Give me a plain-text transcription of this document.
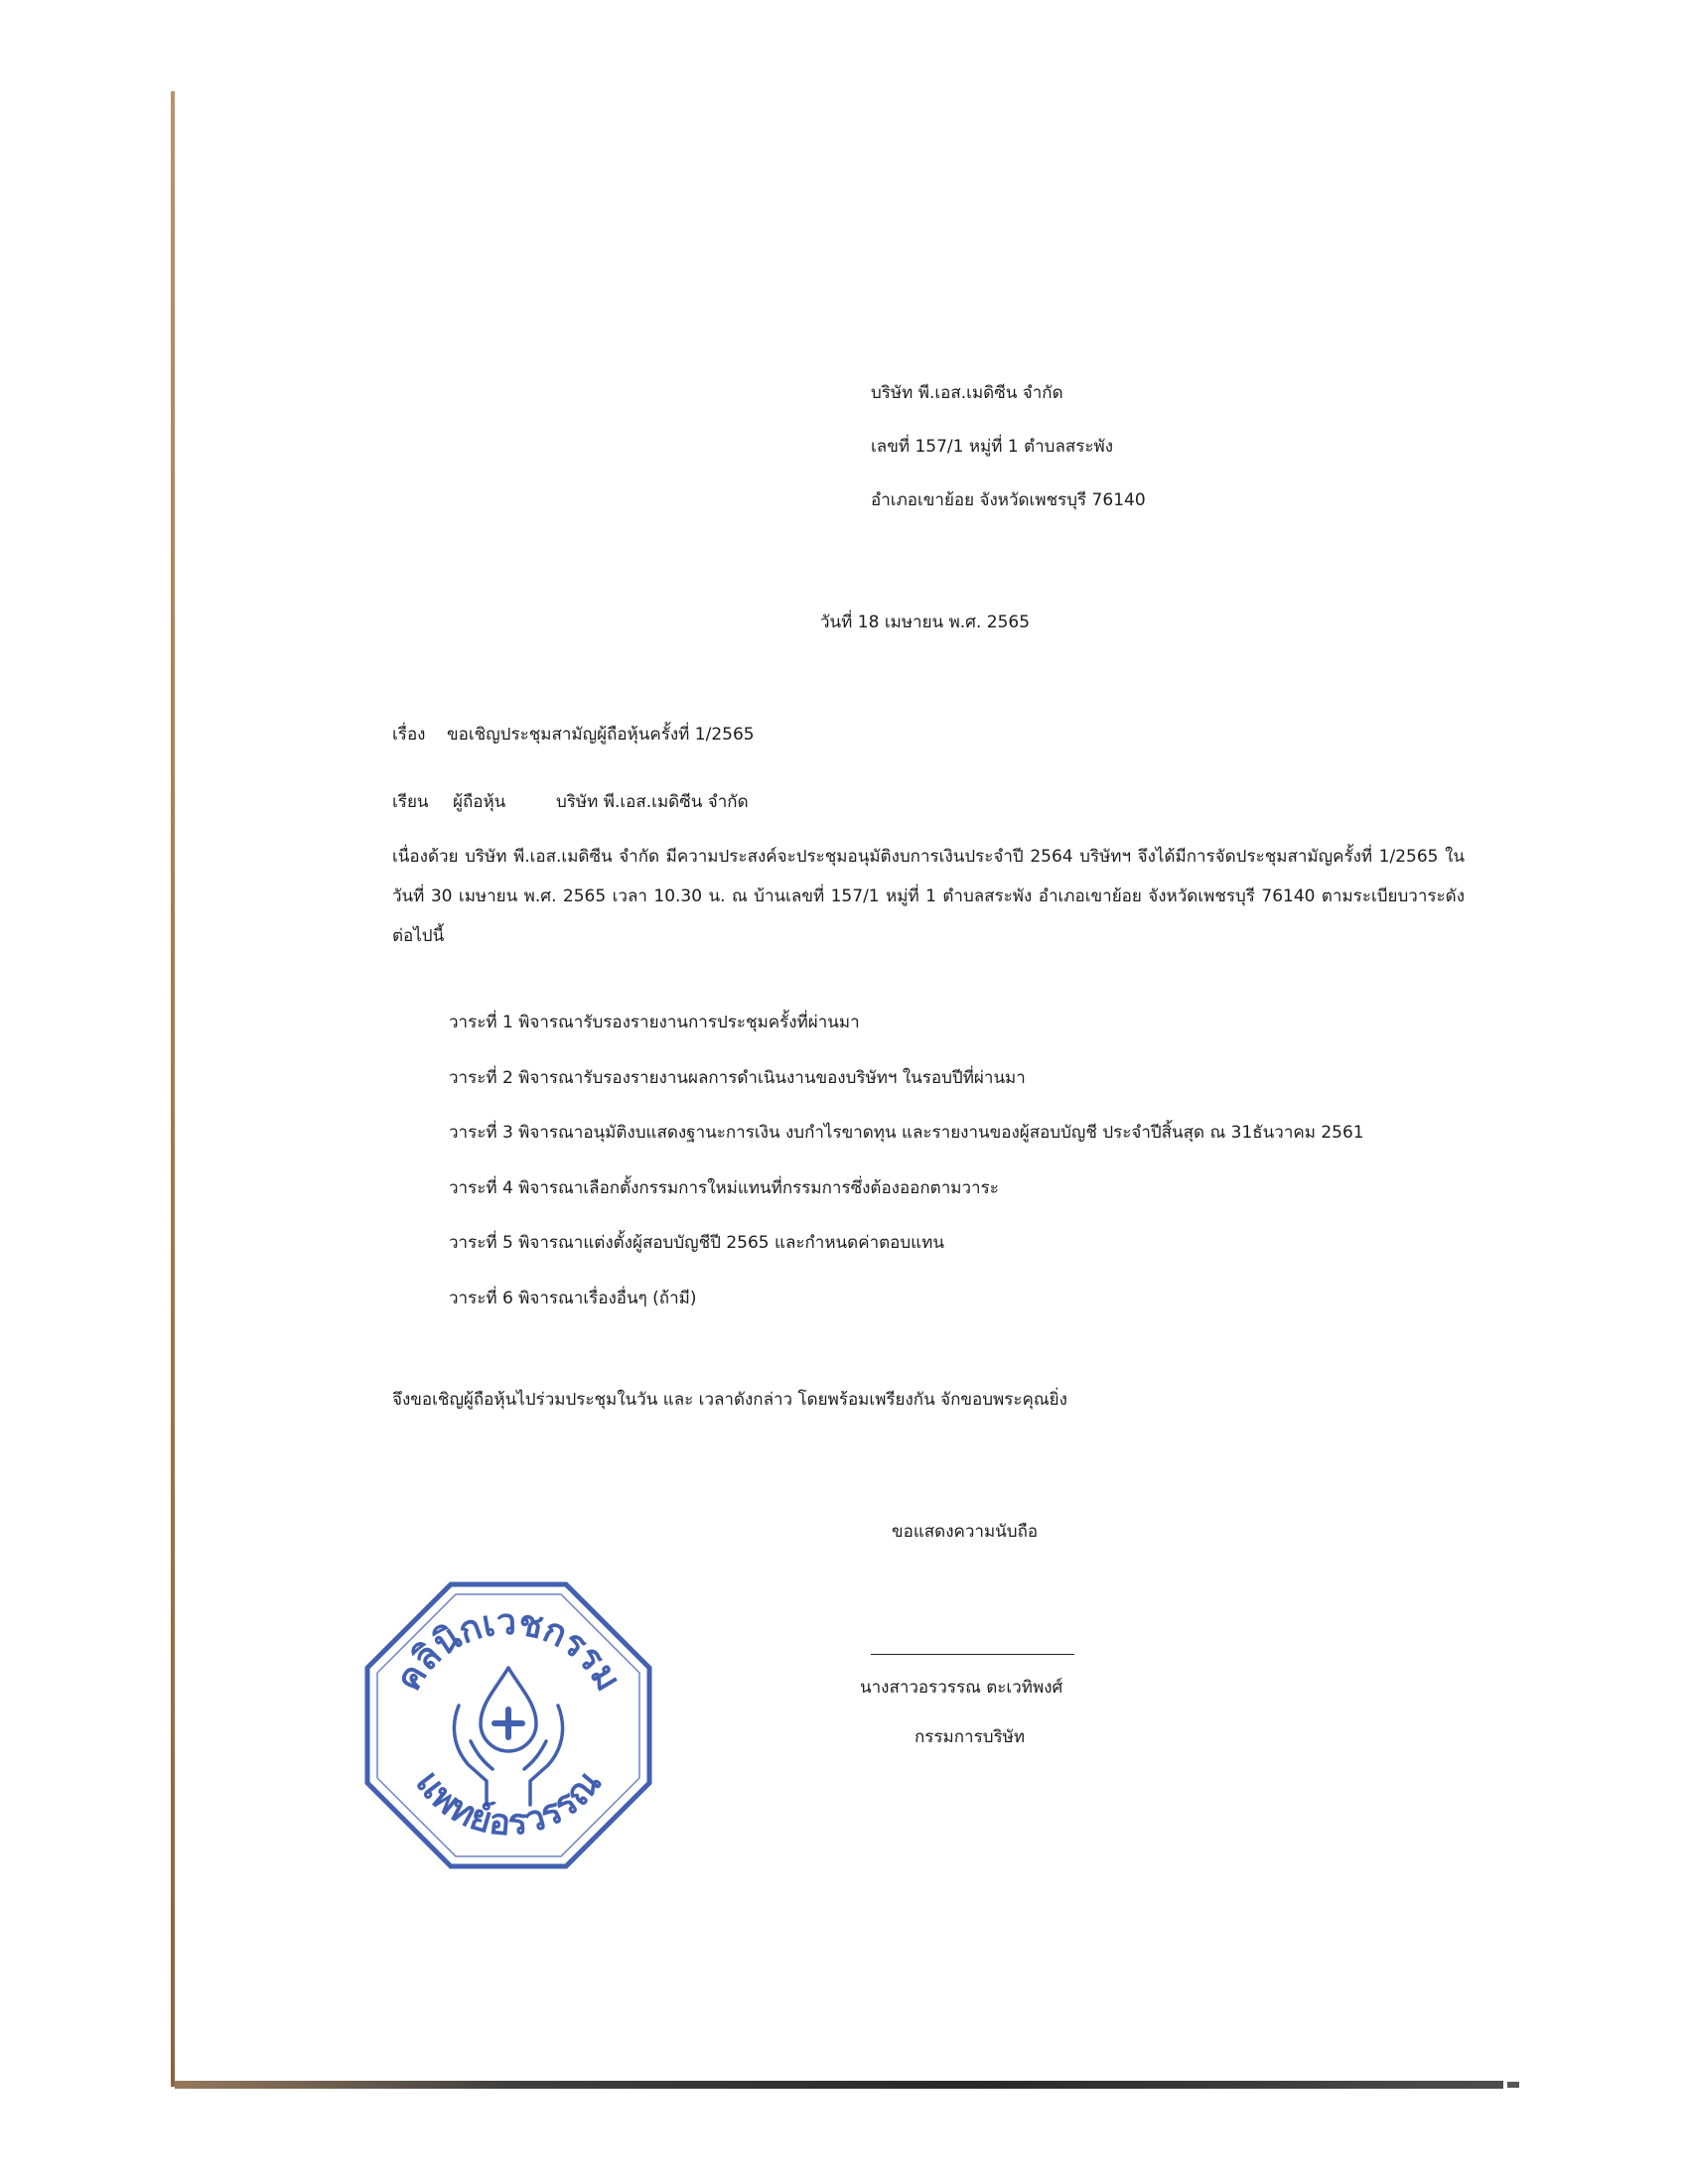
บริษัท พี.เอส.เมดิซีน จำกัด
เลขที่ 157/1 หมู่ที่ 1 ตำบลสระพัง
อำเภอเขาย้อย จังหวัดเพชรบุรี 76140
วันที่ 18 เมษายน พ.ศ. 2565
เรื่อง ขอเชิญประชุมสามัญผู้ถือหุ้นครั้งที่ 1/2565
เรียน ผู้ถือหุ้น	บริษัท พี.เอส.เมดิซีน จำกัด
เนื่องด้วย บริษัท พี.เอส.เมดิซีน จำกัด มีความประสงค์จะประชุมอนุมัติงบการเงินประจำปี 2564 บริษัทฯ จึงได้มีการจัดประชุมสามัญครั้งที่ 1/2565 ในวันที่ 30 เมษายน พ.ศ. 2565 เวลา 10.30 น. ณ บ้านเลขที่ 157/1 หมู่ที่ 1 ตำบลสระพัง อำเภอเขาย้อย จังหวัดเพชรบุรี 76140 ตามระเบียบวาระดังต่อไปนี้
วาระที่ 1 พิจารณารับรองรายงานการประชุมครั้งที่ผ่านมา
วาระที่ 2 พิจารณารับรองรายงานผลการดำเนินงานของบริษัทฯ ในรอบปีที่ผ่านมา
วาระที่ 3 พิจารณาอนุมัติงบแสดงฐานะการเงิน งบกำไรขาดทุน และรายงานของผู้สอบบัญชี ประจำปีสิ้นสุด ณ 31ธันวาคม 2561
วาระที่ 4 พิจารณาเลือกตั้งกรรมการใหม่แทนที่กรรมการซึ่งต้องออกตามวาระ
วาระที่ 5 พิจารณาแต่งตั้งผู้สอบบัญชีปี 2565 และกำหนดค่าตอบแทน
วาระที่ 6 พิจารณาเรื่องอื่นๆ (ถ้ามี)
จึงขอเชิญผู้ถือหุ้นไปร่วมประชุมในวัน และ เวลาดังกล่าว โดยพร้อมเพรียงกัน จักขอบพระคุณยิ่ง
ขอแสดงความนับถือ
นางสาวอรวรรณ ตะเวทิพงศ์
กรรมการบริษัท
คลินิกเวชกรรม
แพทย์อรวรรณ
